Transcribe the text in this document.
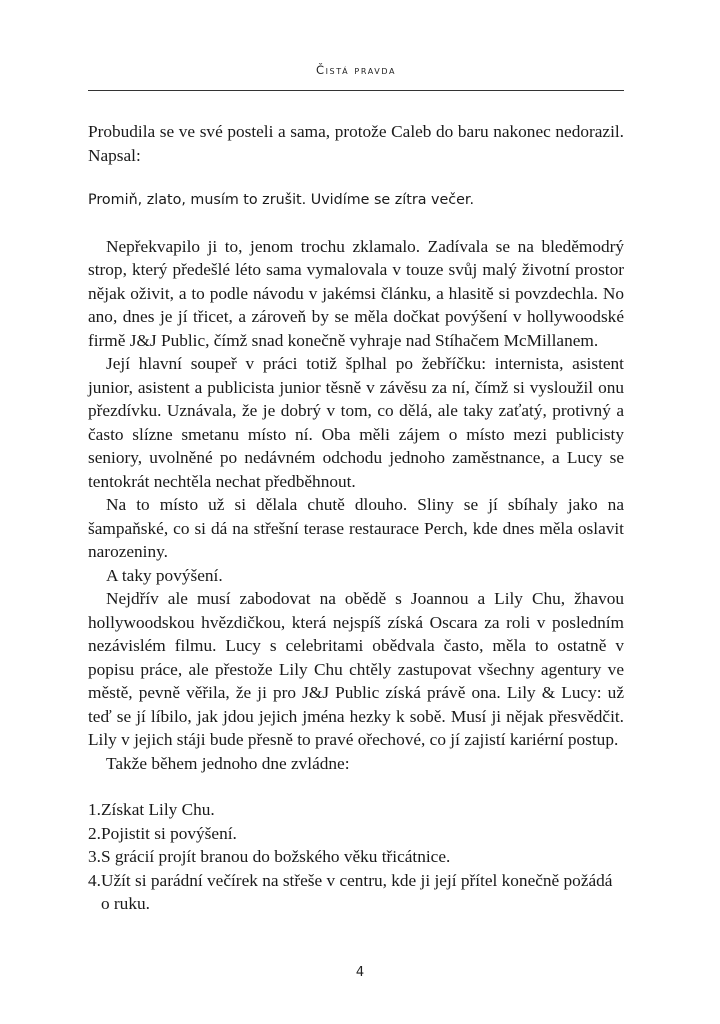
Čistá pravda

Probudila se ve své posteli a sama, protože Caleb do baru nakonec nedorazil. Napsal:

Promiň, zlato, musím to zrušit. Uvidíme se zítra večer.

Nepřekvapilo ji to, jenom trochu zklamalo. Zadívala se na bleděmodrý strop, který předešlé léto sama vymalovala v touze svůj malý životní prostor nějak oživit, a to podle návodu v jakémsi článku, a hlasitě si povzdechla. No ano, dnes je jí třicet, a zároveň by se měla dočkat povýšení v hollywoodské firmě J&J Public, čímž snad konečně vyhraje nad Stíhačem McMillanem.

Její hlavní soupeř v práci totiž šplhal po žebříčku: internista, asistent junior, asistent a publicista junior těsně v závěsu za ní, čímž si vysloužil onu přezdívku. Uznávala, že je dobrý v tom, co dělá, ale taky zaťatý, protivný a často slízne smetanu místo ní. Oba měli zájem o místo mezi publicisty seniory, uvolněné po nedávném odchodu jednoho zaměstnance, a Lucy se tentokrát nechtěla nechat předběhnout.

Na to místo už si dělala chutě dlouho. Sliny se jí sbíhaly jako na šampaňské, co si dá na střešní terase restaurace Perch, kde dnes měla oslavit narozeniny.

A taky povýšení.

Nejdřív ale musí zabodovat na obědě s Joannou a Lily Chu, žhavou hollywoodskou hvězdičkou, která nejspíš získá Oscara za roli v posledním nezávislém filmu. Lucy s celebritami obědvala často, měla to ostatně v popisu práce, ale přestože Lily Chu chtěly zastupovat všechny agentury ve městě, pevně věřila, že ji pro J&J Public získá právě ona. Lily & Lucy: už teď se jí líbilo, jak jdou jejich jména hezky k sobě. Musí ji nějak přesvědčit. Lily v jejich stáji bude přesně to pravé ořechové, co jí zajistí kariérní postup.

Takže během jednoho dne zvládne:

1. Získat Lily Chu.
2. Pojistit si povýšení.
3. S grácií projít branou do božského věku třicátnice.
4. Užít si parádní večírek na střeše v centru, kde ji její přítel konečně požádá o ruku.
4
